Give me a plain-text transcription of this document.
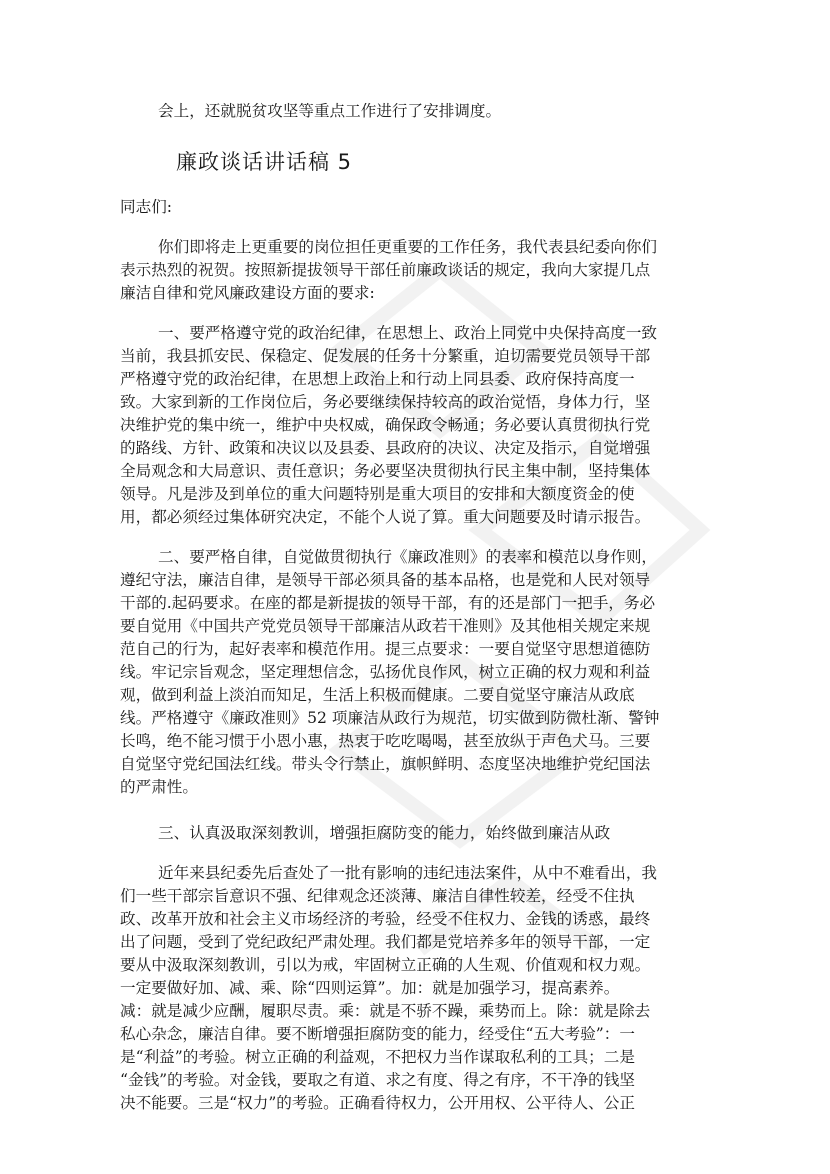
会上，还就脱贫攻坚等重点工作进行了安排调度。
廉政谈话讲话稿 5
同志们:
你们即将走上更重要的岗位担任更重要的工作任务，我代表县纪委向你们
表示热烈的祝贺。按照新提拔领导干部任前廉政谈话的规定，我向大家提几点
廉洁自律和党风廉政建设方面的要求:
一、要严格遵守党的政治纪律，在思想上、政治上同党中央保持高度一致
当前，我县抓安民、保稳定、促发展的任务十分繁重，迫切需要党员领导干部
严格遵守党的政治纪律，在思想上政治上和行动上同县委、政府保持高度一
致。大家到新的工作岗位后，务必要继续保持较高的政治觉悟，身体力行，坚
决维护党的集中统一，维护中央权威，确保政令畅通；务必要认真贯彻执行党
的路线、方针、政策和决议以及县委、县政府的决议、决定及指示，自觉增强
全局观念和大局意识、责任意识；务必要坚决贯彻执行民主集中制，坚持集体
领导。凡是涉及到单位的重大问题特别是重大项目的安排和大额度资金的使
用，都必须经过集体研究决定，不能个人说了算。重大问题要及时请示报告。
二、要严格自律，自觉做贯彻执行《廉政准则》的表率和模范以身作则，
遵纪守法，廉洁自律，是领导干部必须具备的基本品格，也是党和人民对领导
干部的.起码要求。在座的都是新提拔的领导干部，有的还是部门一把手，务必
要自觉用《中国共产党党员领导干部廉洁从政若干准则》及其他相关规定来规
范自己的行为，起好表率和模范作用。提三点要求：一要自觉坚守思想道德防
线。牢记宗旨观念，坚定理想信念，弘扬优良作风，树立正确的权力观和利益
观，做到利益上淡泊而知足，生活上积极而健康。二要自觉坚守廉洁从政底
线。严格遵守《廉政准则》52 项廉洁从政行为规范，切实做到防微杜渐、警钟
长鸣，绝不能习惯于小恩小惠，热衷于吃吃喝喝，甚至放纵于声色犬马。三要
自觉坚守党纪国法红线。带头令行禁止，旗帜鲜明、态度坚决地维护党纪国法
的严肃性。
三、认真汲取深刻教训，增强拒腐防变的能力，始终做到廉洁从政
近年来县纪委先后查处了一批有影响的违纪违法案件，从中不难看出，我
们一些干部宗旨意识不强、纪律观念还淡薄、廉洁自律性较差，经受不住执
政、改革开放和社会主义市场经济的考验，经受不住权力、金钱的诱惑，最终
出了问题，受到了党纪政纪严肃处理。我们都是党培养多年的领导干部，一定
要从中汲取深刻教训，引以为戒，牢固树立正确的人生观、价值观和权力观。
一定要做好加、减、乘、除“四则运算”。加：就是加强学习，提高素养。
减：就是减少应酬，履职尽责。乘：就是不骄不躁，乘势而上。除：就是除去
私心杂念，廉洁自律。要不断增强拒腐防变的能力，经受住“五大考验”：一
是“利益”的考验。树立正确的利益观，不把权力当作谋取私利的工具；二是
“金钱”的考验。对金钱，要取之有道、求之有度、得之有序，不干净的钱坚
决不能要。三是“权力”的考验。正确看待权力，公开用权、公平待人、公正
